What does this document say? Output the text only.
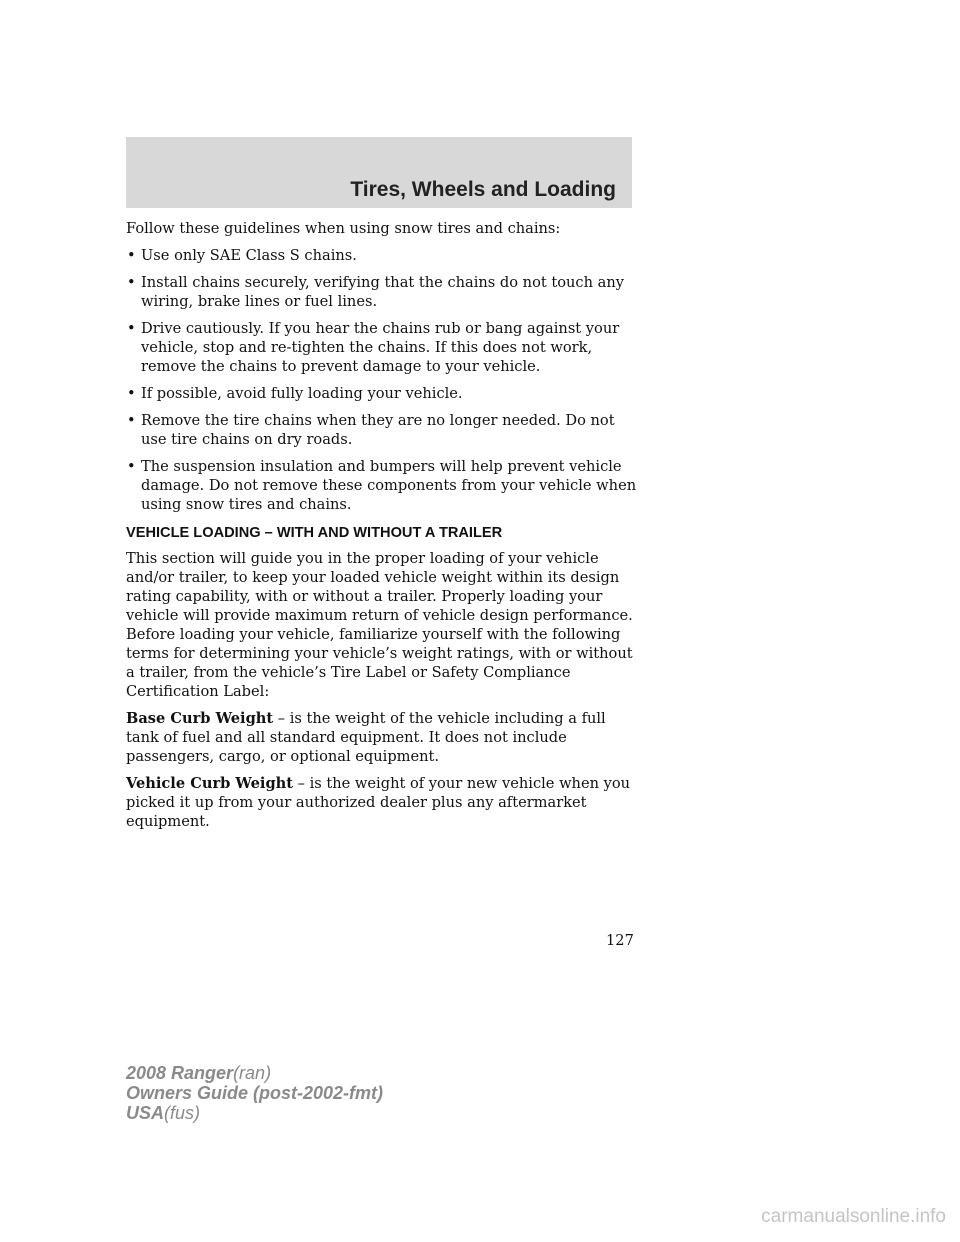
Tires, Wheels and Loading

Follow these guidelines when using snow tires and chains:

• Use only SAE Class S chains.
• Install chains securely, verifying that the chains do not touch any wiring, brake lines or fuel lines.
• Drive cautiously. If you hear the chains rub or bang against your vehicle, stop and re-tighten the chains. If this does not work, remove the chains to prevent damage to your vehicle.
• If possible, avoid fully loading your vehicle.
• Remove the tire chains when they are no longer needed. Do not use tire chains on dry roads.
• The suspension insulation and bumpers will help prevent vehicle damage. Do not remove these components from your vehicle when using snow tires and chains.
VEHICLE LOADING – WITH AND WITHOUT A TRAILER

This section will guide you in the proper loading of your vehicle and/or trailer, to keep your loaded vehicle weight within its design rating capability, with or without a trailer. Properly loading your vehicle will provide maximum return of vehicle design performance. Before loading your vehicle, familiarize yourself with the following terms for determining your vehicle’s weight ratings, with or without a trailer, from the vehicle’s Tire Label or Safety Compliance Certification Label:

Base Curb Weight – is the weight of the vehicle including a full tank of fuel and all standard equipment. It does not include passengers, cargo, or optional equipment.

Vehicle Curb Weight – is the weight of your new vehicle when you picked it up from your authorized dealer plus any aftermarket equipment.

127
2008 Ranger(ran)
Owners Guide (post-2002-fmt)
USA(fus)
carmanualsonline.info
